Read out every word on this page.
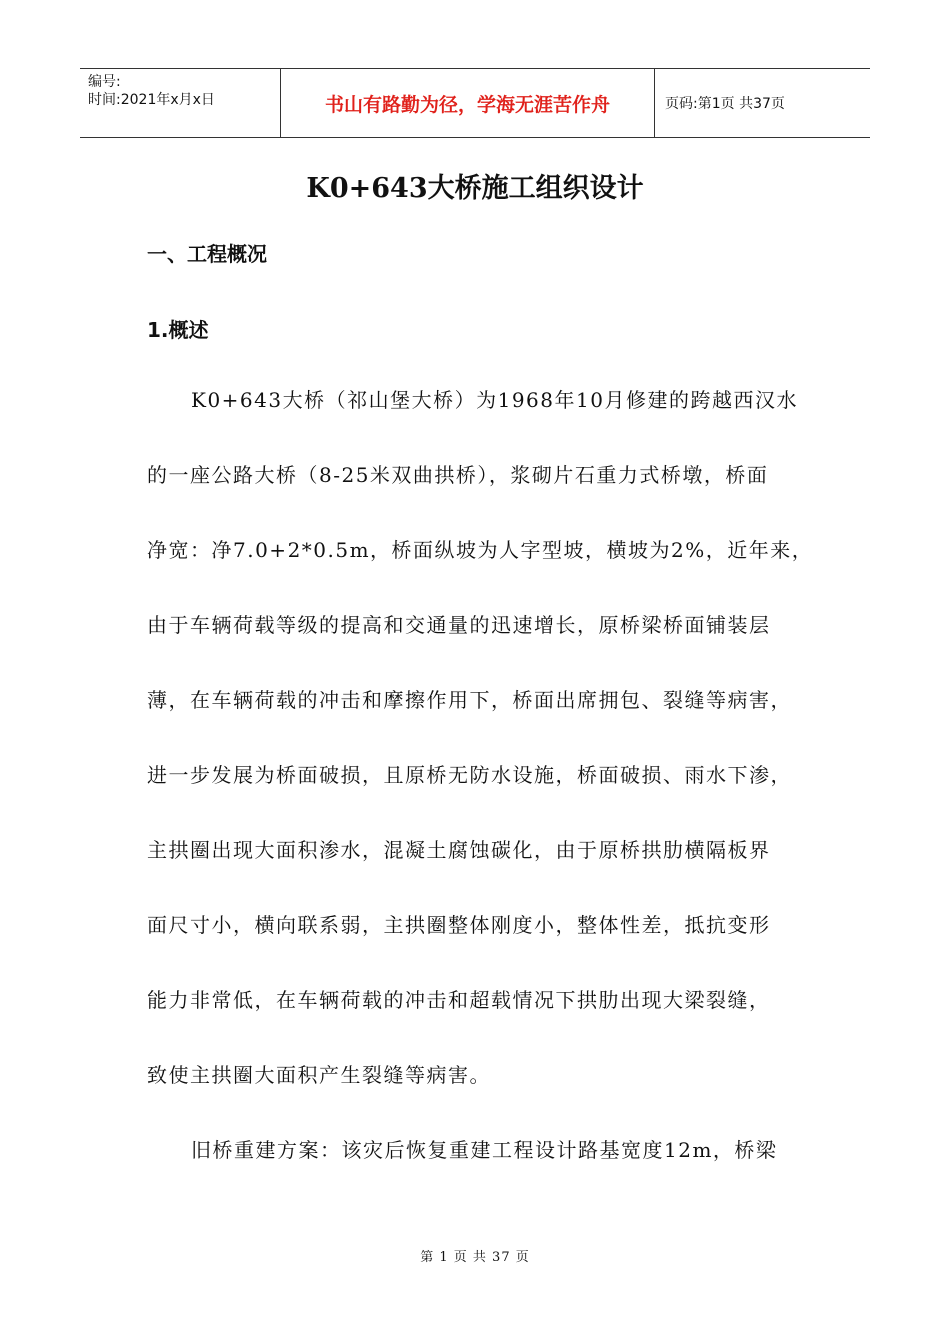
编号:
时间:2021年x月x日	书山有路勤为径，学海无涯苦作舟	页码:第1页 共37页
K0+643大桥施工组织设计
一、工程概况
1.概述
K0+643大桥（祁山堡大桥）为1968年10月修建的跨越西汉水
的一座公路大桥（8-25米双曲拱桥），浆砌片石重力式桥墩，桥面
净宽：净7.0+2*0.5m，桥面纵坡为人字型坡，横坡为2%，近年来，
由于车辆荷载等级的提高和交通量的迅速增长，原桥梁桥面铺装层
薄，在车辆荷载的冲击和摩擦作用下，桥面出席拥包、裂缝等病害，
进一步发展为桥面破损，且原桥无防水设施，桥面破损、雨水下渗，
主拱圈出现大面积渗水，混凝土腐蚀碳化，由于原桥拱肋横隔板界
面尺寸小，横向联系弱，主拱圈整体刚度小，整体性差，抵抗变形
能力非常低，在车辆荷载的冲击和超载情况下拱肋出现大梁裂缝，
致使主拱圈大面积产生裂缝等病害。
旧桥重建方案：该灾后恢复重建工程设计路基宽度12m，桥梁
第 1 页 共 37 页
